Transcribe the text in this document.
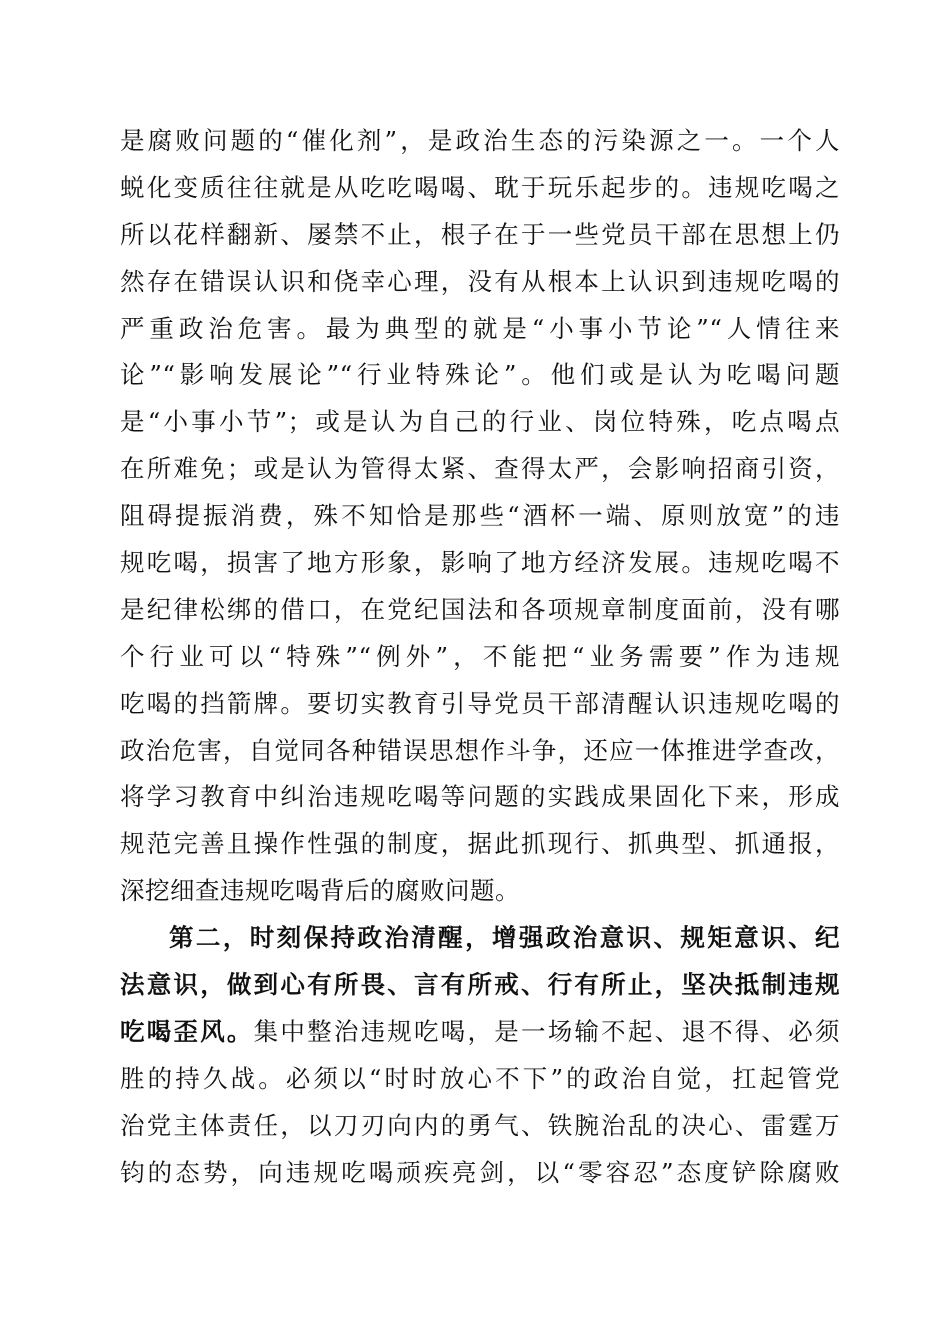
是腐败问题的“催化剂”，是政治生态的污染源之一。一个人
蜕化变质往往就是从吃吃喝喝、耽于玩乐起步的。违规吃喝之
所以花样翻新、屡禁不止，根子在于一些党员干部在思想上仍
然存在错误认识和侥幸心理，没有从根本上认识到违规吃喝的
严重政治危害。最为典型的就是“小事小节论”“人情往来
论”“影响发展论”“行业特殊论”。他们或是认为吃喝问题
是“小事小节”；或是认为自己的行业、岗位特殊，吃点喝点
在所难免；或是认为管得太紧、查得太严，会影响招商引资，
阻碍提振消费，殊不知恰是那些“酒杯一端、原则放宽”的违
规吃喝，损害了地方形象，影响了地方经济发展。违规吃喝不
是纪律松绑的借口，在党纪国法和各项规章制度面前，没有哪
个行业可以“特殊”“例外”，不能把“业务需要”作为违规
吃喝的挡箭牌。要切实教育引导党员干部清醒认识违规吃喝的
政治危害，自觉同各种错误思想作斗争，还应一体推进学查改，
将学习教育中纠治违规吃喝等问题的实践成果固化下来，形成
规范完善且操作性强的制度，据此抓现行、抓典型、抓通报，
深挖细查违规吃喝背后的腐败问题。
第二，时刻保持政治清醒，增强政治意识、规矩意识、纪
法意识，做到心有所畏、言有所戒、行有所止，坚决抵制违规
吃喝歪风。集中整治违规吃喝，是一场输不起、退不得、必须
胜的持久战。必须以“时时放心不下”的政治自觉，扛起管党
治党主体责任，以刀刃向内的勇气、铁腕治乱的决心、雷霆万
钧的态势，向违规吃喝顽疾亮剑，以“零容忍”态度铲除腐败
